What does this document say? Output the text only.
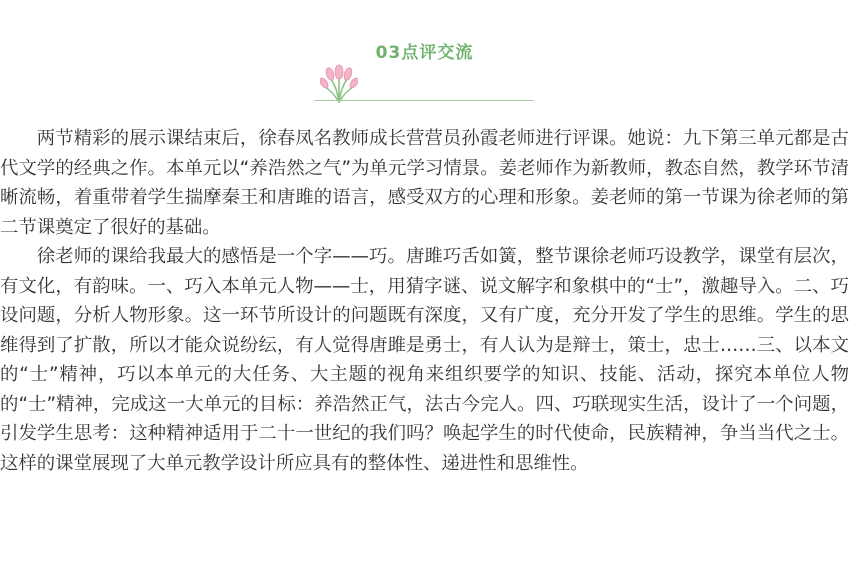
03点评交流

两节精彩的展示课结束后，徐春凤名教师成长营营员孙霞老师进行评课。她说：九下第三单元都是古代文学的经典之作。本单元以“养浩然之气”为单元学习情景。姜老师作为新教师，教态自然，教学环节清晰流畅，着重带着学生揣摩秦王和唐雎的语言，感受双方的心理和形象。姜老师的第一节课为徐老师的第二节课奠定了很好的基础。

徐老师的课给我最大的感悟是一个字——巧。唐雎巧舌如簧，整节课徐老师巧设教学，课堂有层次，有文化，有韵味。一、巧入本单元人物——士，用猜字谜、说文解字和象棋中的“士”，激趣导入。二、巧设问题，分析人物形象。这一环节所设计的问题既有深度，又有广度，充分开发了学生的思维。学生的思维得到了扩散，所以才能众说纷纭，有人觉得唐雎是勇士，有人认为是辩士，策士，忠士……三、以本文的“士”精神，巧以本单元的大任务、大主题的视角来组织要学的知识、技能、活动，探究本单位人物的“士”精神，完成这一大单元的目标：养浩然正气，法古今完人。四、巧联现实生活，设计了一个问题，引发学生思考：这种精神适用于二十一世纪的我们吗？唤起学生的时代使命，民族精神，争当当代之士。这样的课堂展现了大单元教学设计所应具有的整体性、递进性和思维性。
